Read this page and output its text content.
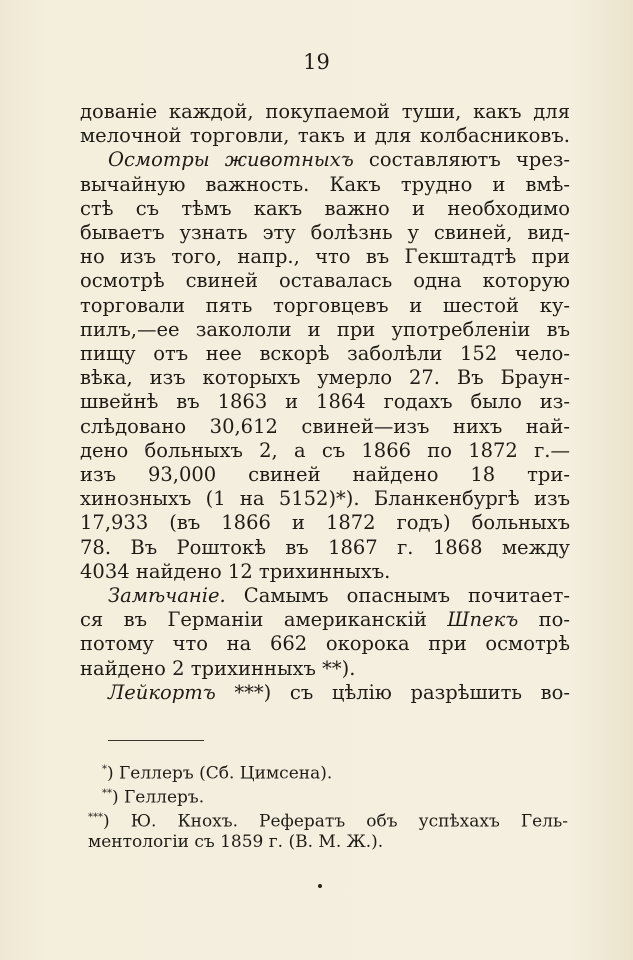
19
дованіе каждой, покупаемой туши, какъ для
мелочной торговли, такъ и для колбасниковъ.
Осмотры животныхъ составляютъ чрез-
вычайную важность. Какъ трудно и вмѣ-
стѣ съ тѣмъ какъ важно и необходимо
бываетъ узнать эту болѣзнь у свиней, вид-
но изъ того, напр., что въ Гекштадтѣ при
осмотрѣ свиней оставалась одна которую
торговали пять торговцевъ и шестой ку-
пилъ,—ее закололи и при употребленіи въ
пищу отъ нее вскорѣ заболѣли 152 чело-
вѣка, изъ которыхъ умерло 27. Въ Браун-
швейнѣ въ 1863 и 1864 годахъ было из-
слѣдовано 30,612 свиней—изъ нихъ най-
дено больныхъ 2, а съ 1866 по 1872 г.—
изъ 93,000 свиней найдено 18 три-
хинозныхъ (1 на 5152)*). Бланкенбургѣ изъ
17,933 (въ 1866 и 1872 годъ) больныхъ
78. Въ Роштокѣ въ 1867 г. 1868 между
4034 найдено 12 трихинныхъ.
Замѣчаніе. Самымъ опаснымъ почитает-
ся въ Германіи американскій Шпекъ по-
потому что на 662 окорока при осмотрѣ
найдено 2 трихинныхъ **).
Лейкортъ ***) съ цѣлію разрѣшить во-
*) Геллеръ (Сб. Цимсена).
**) Геллеръ.
***) Ю. Кнохъ. Рефератъ объ успѣхахъ Гель-
ментологіи съ 1859 г. (В. М. Ж.).
